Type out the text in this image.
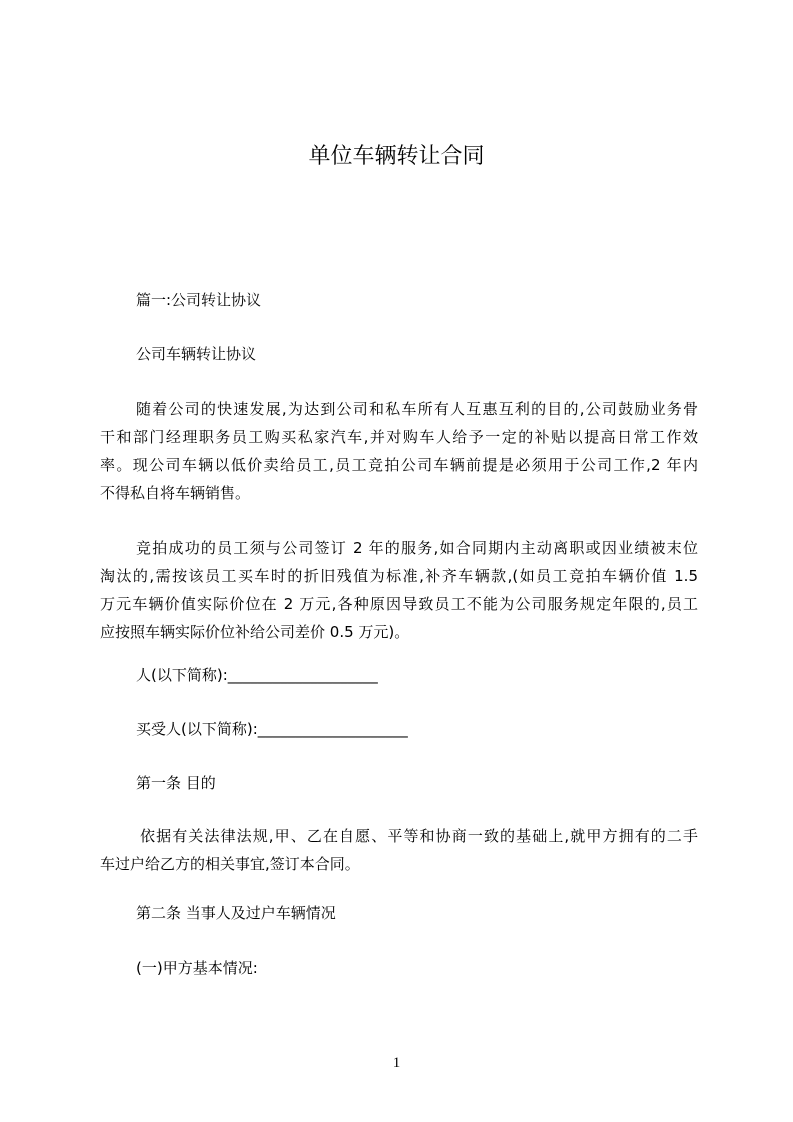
单位车辆转让合同
篇一:公司转让协议
公司车辆转让协议
随着公司的快速发展,为达到公司和私车所有人互惠互利的目的,公司鼓励业务骨
干和部门经理职务员工购买私家汽车,并对购车人给予一定的补贴以提高日常工作效
率。现公司车辆以低价卖给员工,员工竞拍公司车辆前提是必须用于公司工作,2 年内
不得私自将车辆销售。
竞拍成功的员工须与公司签订 2 年的服务,如合同期内主动离职或因业绩被末位
淘汰的,需按该员工买车时的折旧残值为标准,补齐车辆款,(如员工竞拍车辆价值 1.5
万元车辆价值实际价位在 2 万元,各种原因导致员工不能为公司服务规定年限的,员工
应按照车辆实际价位补给公司差价 0.5 万元)。
人(以下简称):____________________
买受人(以下简称):____________________
第一条 目的
依据有关法律法规,甲、乙在自愿、平等和协商一致的基础上,就甲方拥有的二手
车过户给乙方的相关事宜,签订本合同。
第二条 当事人及过户车辆情况
(一)甲方基本情况:
1
